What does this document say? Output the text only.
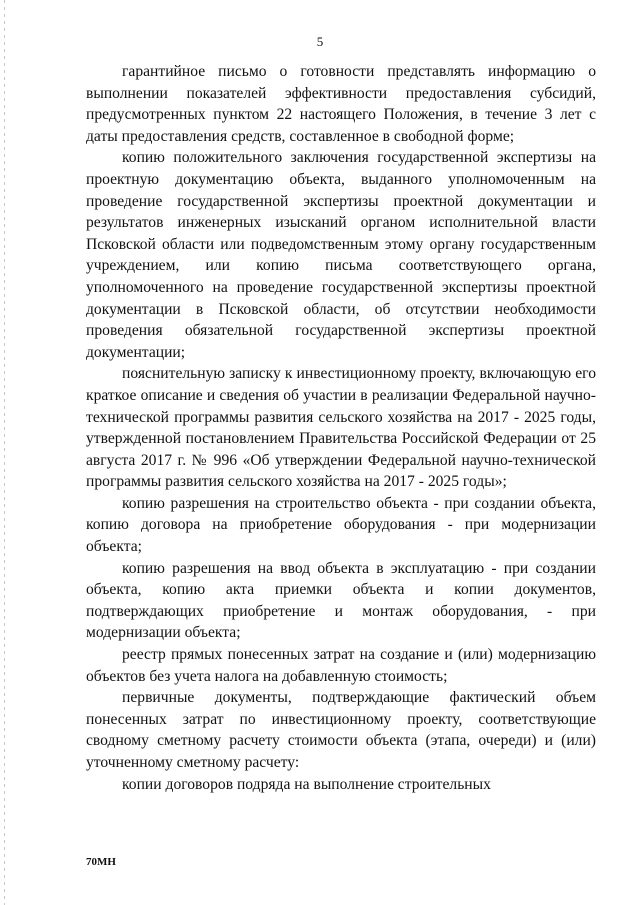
5

гарантийное письмо о готовности представлять информацию о выполнении показателей эффективности предоставления субсидий, предусмотренных пунктом 22 настоящего Положения, в течение 3 лет с даты предоставления средств, составленное в свободной форме;

копию положительного заключения государственной экспертизы на проектную документацию объекта, выданного уполномоченным на проведение государственной экспертизы проектной документации и результатов инженерных изысканий органом исполнительной власти Псковской области или подведомственным этому органу государственным учреждением, или копию письма соответствующего органа, уполномоченного на проведение государственной экспертизы проектной документации в Псковской области, об отсутствии необходимости проведения обязательной государственной экспертизы проектной документации;

пояснительную записку к инвестиционному проекту, включающую его краткое описание и сведения об участии в реализации Федеральной научно-технической программы развития сельского хозяйства на 2017 - 2025 годы, утвержденной постановлением Правительства Российской Федерации от 25 августа 2017 г. № 996 «Об утверждении Федеральной научно-технической программы развития сельского хозяйства на 2017 - 2025 годы»;

копию разрешения на строительство объекта - при создании объекта, копию договора на приобретение оборудования - при модернизации объекта;

копию разрешения на ввод объекта в эксплуатацию - при создании объекта, копию акта приемки объекта и копии документов, подтверждающих приобретение и монтаж оборудования, - при модернизации объекта;

реестр прямых понесенных затрат на создание и (или) модернизацию объектов без учета налога на добавленную стоимость;

первичные документы, подтверждающие фактический объем понесенных затрат по инвестиционному проекту, соответствующие сводному сметному расчету стоимости объекта (этапа, очереди) и (или) уточненному сметному расчету:

копии договоров подряда на выполнение строительных

70МН
